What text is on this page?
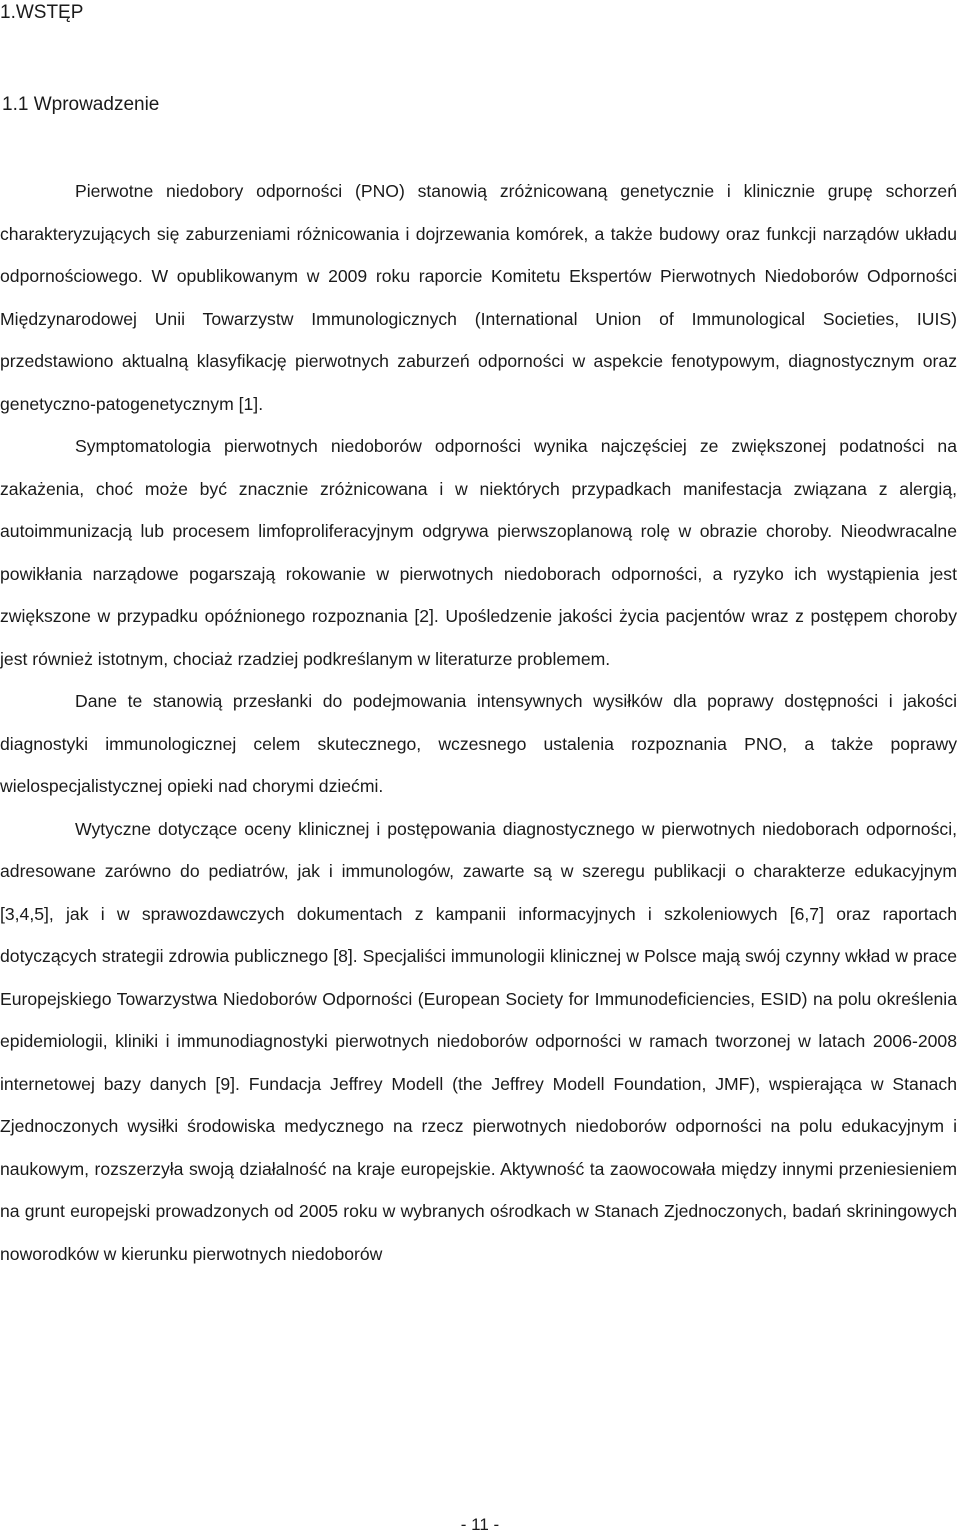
1.WSTĘP
1.1 Wprowadzenie

Pierwotne niedobory odporności (PNO) stanowią zróżnicowaną genetycznie i klinicznie grupę schorzeń charakteryzujących się zaburzeniami różnicowania i dojrzewania komórek, a także budowy oraz funkcji narządów układu odpornościowego. W opublikowanym w 2009 roku raporcie Komitetu Ekspertów Pierwotnych Niedoborów Odporności Międzynarodowej Unii Towarzystw Immunologicznych (International Union of Immunological Societies, IUIS) przedstawiono aktualną klasyfikację pierwotnych zaburzeń odporności w aspekcie fenotypowym, diagnostycznym oraz genetyczno-patogenetycznym [1].

Symptomatologia pierwotnych niedoborów odporności wynika najczęściej ze zwiększonej podatności na zakażenia, choć może być znacznie zróżnicowana i w niektórych przypadkach manifestacja związana z alergią, autoimmunizacją lub procesem limfoproliferacyjnym odgrywa pierwszoplanową rolę w obrazie choroby. Nieodwracalne powikłania narządowe pogarszają rokowanie w pierwotnych niedoborach odporności, a ryzyko ich wystąpienia jest zwiększone w przypadku opóźnionego rozpoznania [2]. Upośledzenie jakości życia pacjentów wraz z postępem choroby jest również istotnym, chociaż rzadziej podkreślanym w literaturze problemem.

Dane te stanowią przesłanki do podejmowania intensywnych wysiłków dla poprawy dostępności i jakości diagnostyki immunologicznej celem skutecznego, wczesnego ustalenia rozpoznania PNO, a także poprawy wielospecjalistycznej opieki nad chorymi dziećmi.

Wytyczne dotyczące oceny klinicznej i postępowania diagnostycznego w pierwotnych niedoborach odporności, adresowane zarówno do pediatrów, jak i immunologów, zawarte są w szeregu publikacji o charakterze edukacyjnym [3,4,5], jak i w sprawozdawczych dokumentach z kampanii informacyjnych i szkoleniowych [6,7] oraz raportach dotyczących strategii zdrowia publicznego [8]. Specjaliści immunologii klinicznej w Polsce mają swój czynny wkład w prace Europejskiego Towarzystwa Niedoborów Odporności (European Society for Immunodeficiencies, ESID) na polu określenia epidemiologii, kliniki i immunodiagnostyki pierwotnych niedoborów odporności w ramach tworzonej w latach 2006-2008 internetowej bazy danych [9]. Fundacja Jeffrey Modell (the Jeffrey Modell Foundation, JMF), wspierająca w Stanach Zjednoczonych wysiłki środowiska medycznego na rzecz pierwotnych niedoborów odporności na polu edukacyjnym i naukowym, rozszerzyła swoją działalność na kraje europejskie. Aktywność ta zaowocowała między innymi przeniesieniem na grunt europejski prowadzonych od 2005 roku w wybranych ośrodkach w Stanach Zjednoczonych, badań skriningowych noworodków w kierunku pierwotnych niedoborów

- 11 -
